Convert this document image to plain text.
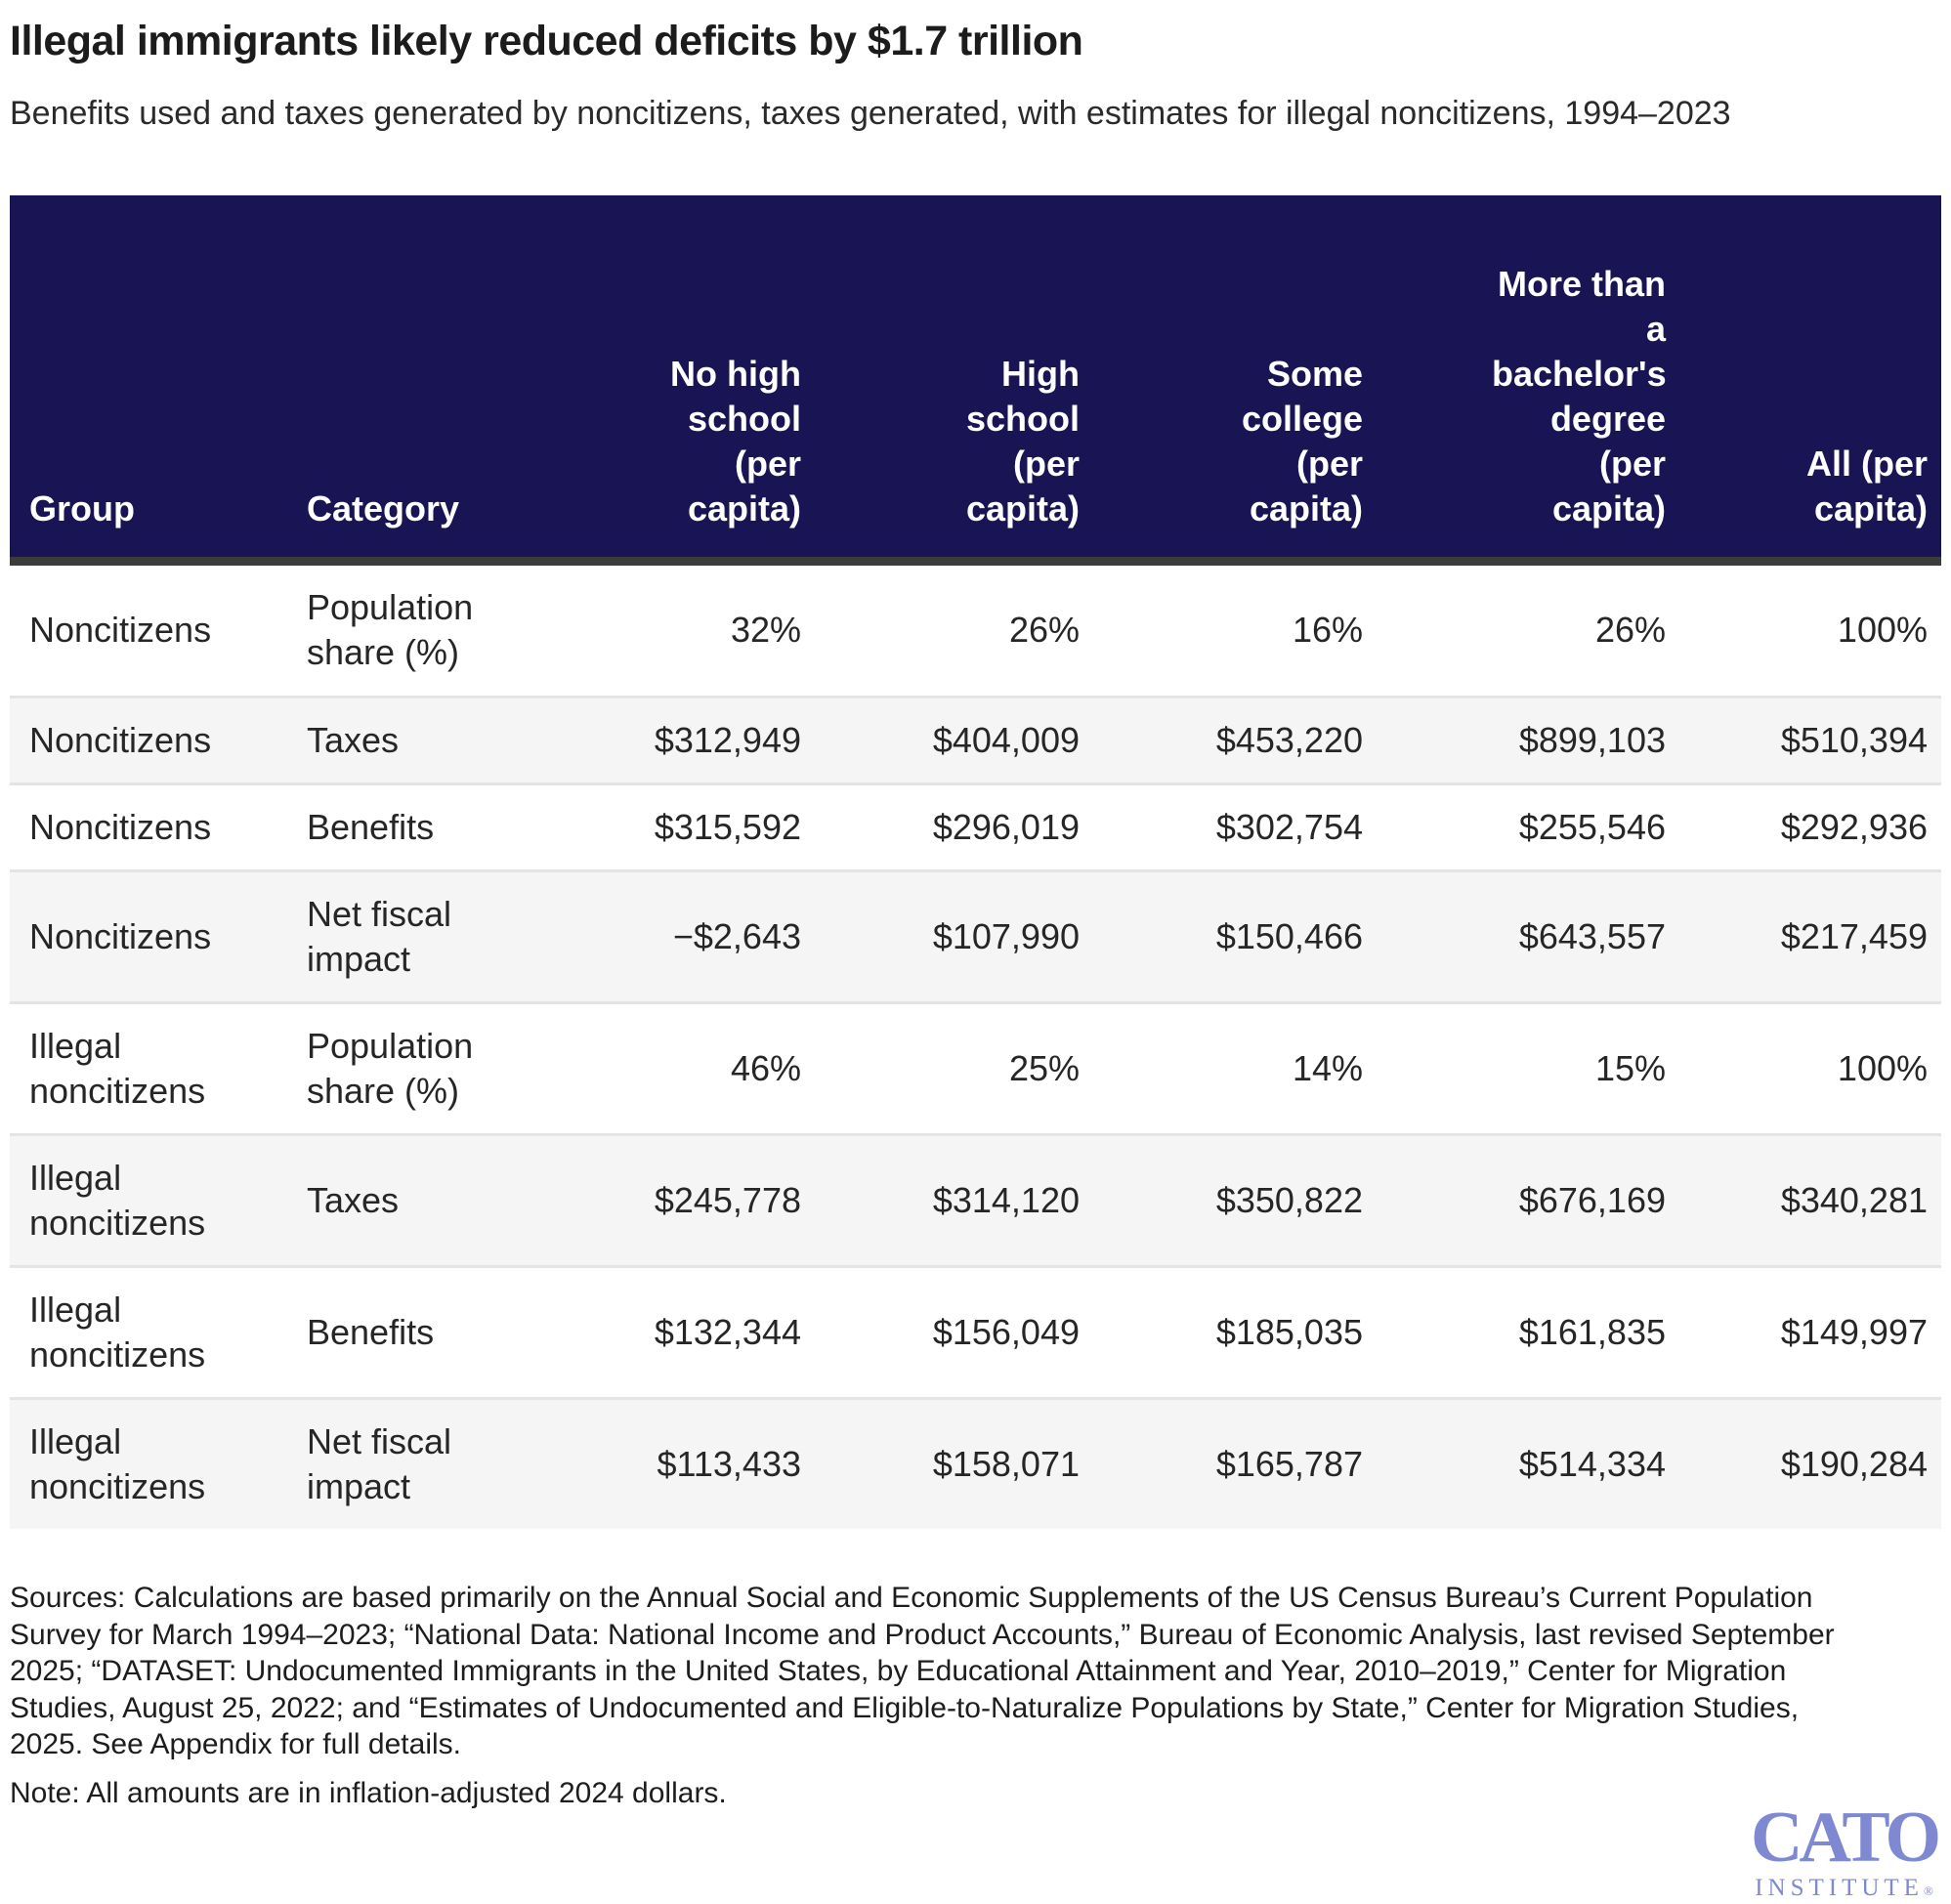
Illegal immigrants likely reduced deficits by $1.7 trillion

Benefits used and taxes generated by noncitizens, taxes generated, with estimates for illegal noncitizens, 1994–2023

Group	Category	No high school (per capita)	High school (per capita)	Some college (per capita)	More than a bachelor's degree (per capita)	All (per capita)
Noncitizens	Population share (%)	32%	26%	16%	26%	100%
Noncitizens	Taxes	$312,949	$404,009	$453,220	$899,103	$510,394
Noncitizens	Benefits	$315,592	$296,019	$302,754	$255,546	$292,936
Noncitizens	Net fiscal impact	−$2,643	$107,990	$150,466	$643,557	$217,459
Illegal noncitizens	Population share (%)	46%	25%	14%	15%	100%
Illegal noncitizens	Taxes	$245,778	$314,120	$350,822	$676,169	$340,281
Illegal noncitizens	Benefits	$132,344	$156,049	$185,035	$161,835	$149,997
Illegal noncitizens	Net fiscal impact	$113,433	$158,071	$165,787	$514,334	$190,284

Sources: Calculations are based primarily on the Annual Social and Economic Supplements of the US Census Bureau’s Current Population Survey for March 1994–2023; “National Data: National Income and Product Accounts,” Bureau of Economic Analysis, last revised September 2025; “DATASET: Undocumented Immigrants in the United States, by Educational Attainment and Year, 2010–2019,” Center for Migration Studies, August 25, 2022; and “Estimates of Undocumented and Eligible-to-Naturalize Populations by State,” Center for Migration Studies, 2025. See Appendix for full details.

Note: All amounts are in inflation-adjusted 2024 dollars.

CATO
INSTITUTE®
